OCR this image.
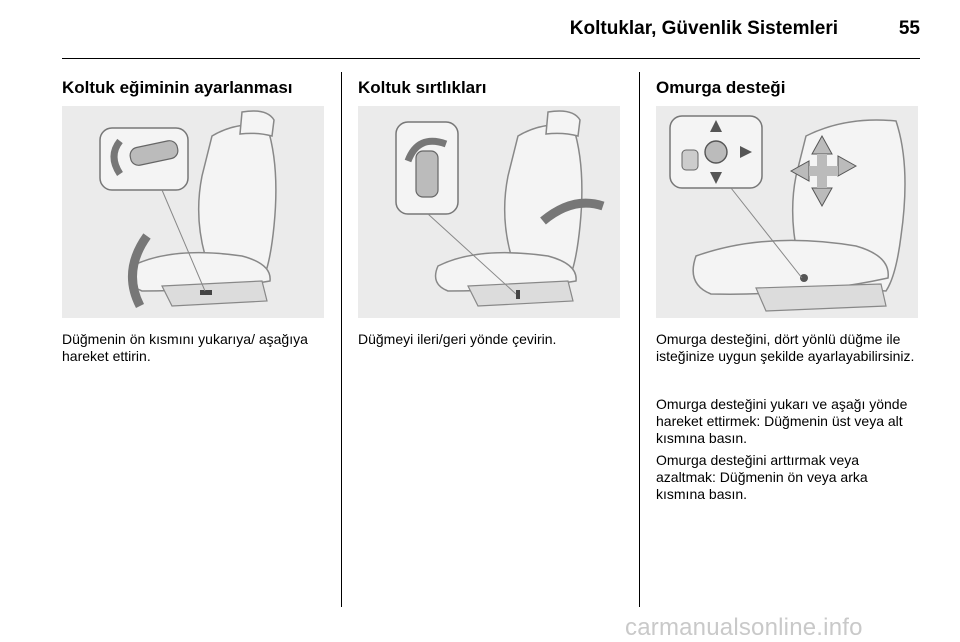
Koltuklar, Güvenlik Sistemleri	55
Koltuk eğiminin ayarlanması

Düğmenin ön kısmını yukarıya/ aşağıya hareket ettirin.

Koltuk sırtlıkları

Düğmeyi ileri/geri yönde çevirin.

Omurga desteği

Omurga desteğini, dört yönlü düğme ile isteğinize uygun şekilde ayarlayabilirsiniz.

Omurga desteğini yukarı ve aşağı yönde hareket ettirmek: Düğmenin üst veya alt kısmına basın.

Omurga desteğini arttırmak veya azaltmak: Düğmenin ön veya arka kısmına basın.

carmanualsonline.info
